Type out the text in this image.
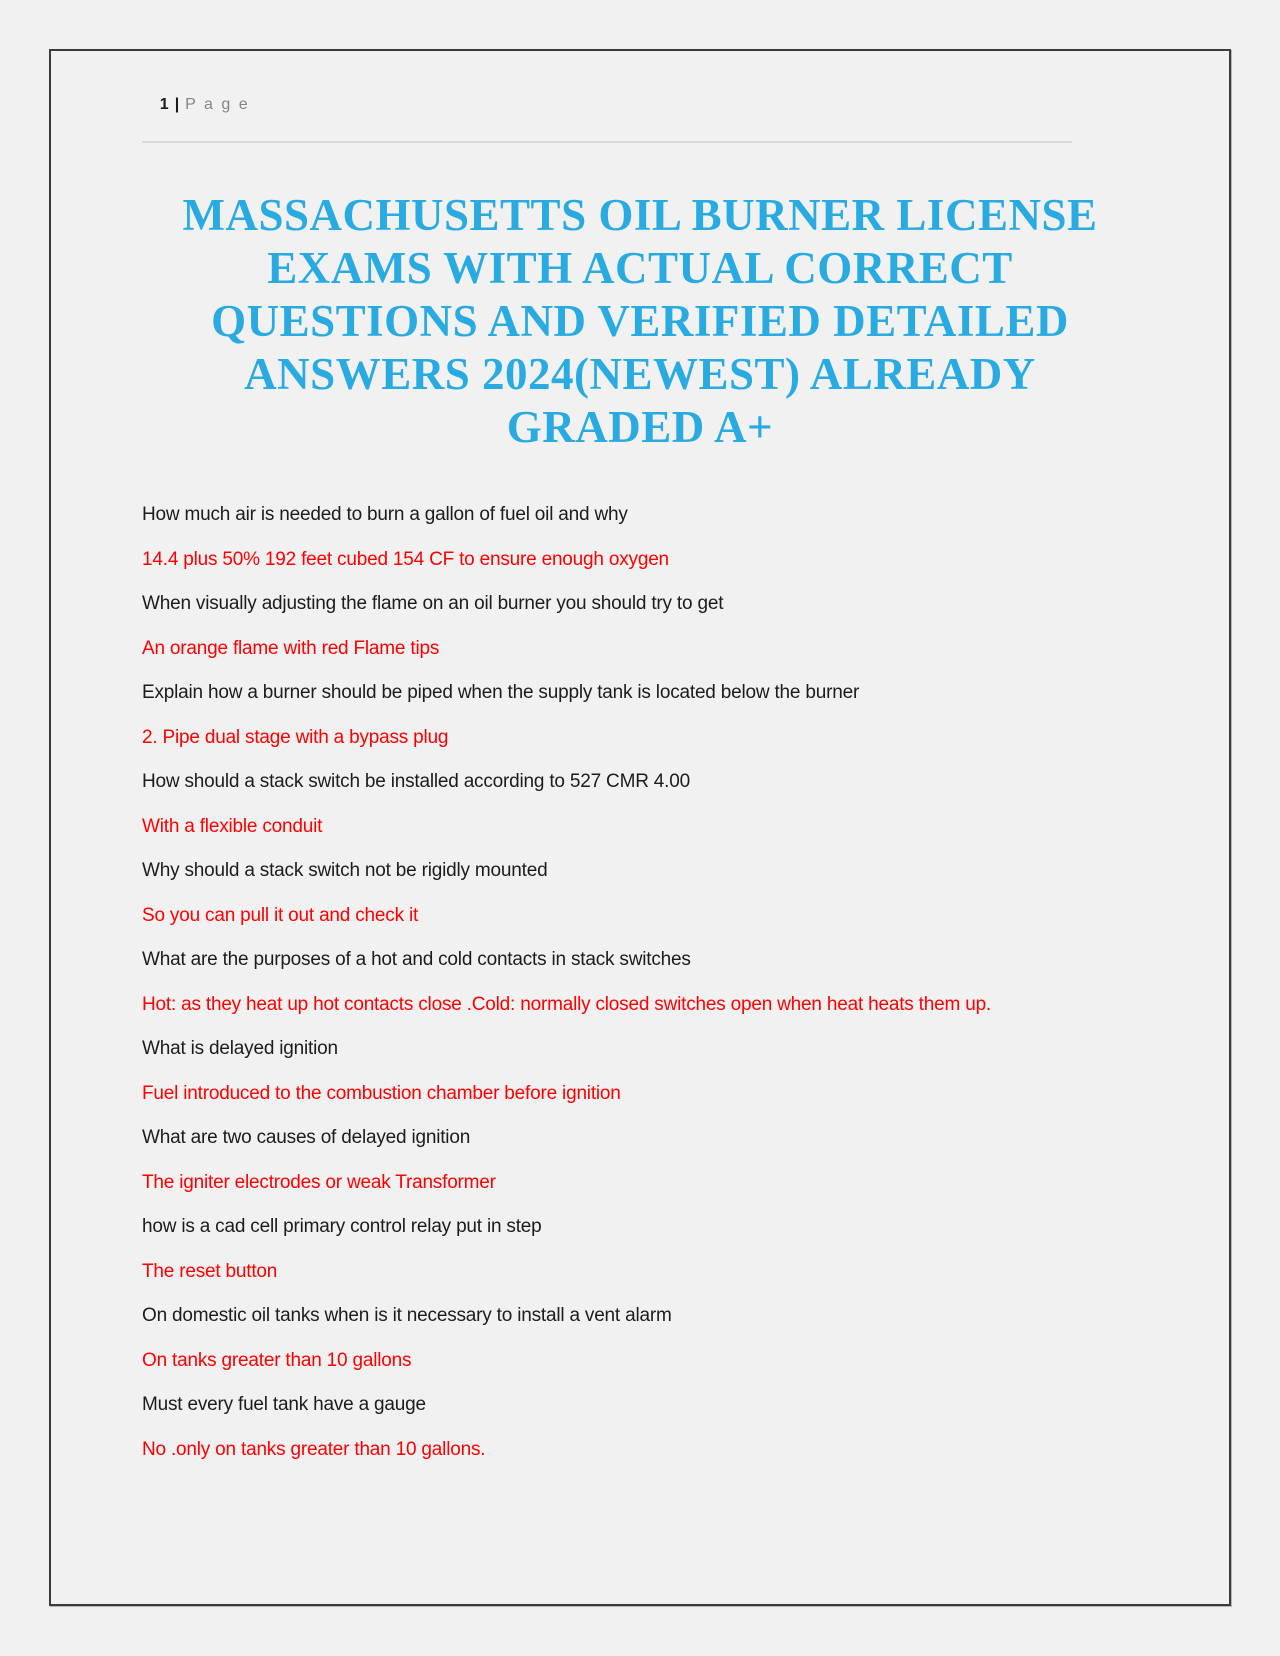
1 | P a g e

MASSACHUSETTS OIL BURNER LICENSE
EXAMS WITH ACTUAL CORRECT
QUESTIONS AND VERIFIED DETAILED
ANSWERS 2024(NEWEST) ALREADY
GRADED A+

How much air is needed to burn a gallon of fuel oil and why

14.4 plus 50% 192 feet cubed 154 CF to ensure enough oxygen

When visually adjusting the flame on an oil burner you should try to get

An orange flame with red Flame tips

Explain how a burner should be piped when the supply tank is located below the burner

2. Pipe dual stage with a bypass plug

How should a stack switch be installed according to 527 CMR 4.00

With a flexible conduit

Why should a stack switch not be rigidly mounted

So you can pull it out and check it

What are the purposes of a hot and cold contacts in stack switches

Hot: as they heat up hot contacts close .Cold: normally closed switches open when heat heats them up.

What is delayed ignition

Fuel introduced to the combustion chamber before ignition

What are two causes of delayed ignition

The igniter electrodes or weak Transformer

how is a cad cell primary control relay put in step

The reset button

On domestic oil tanks when is it necessary to install a vent alarm

On tanks greater than 10 gallons

Must every fuel tank have a gauge

No .only on tanks greater than 10 gallons.
